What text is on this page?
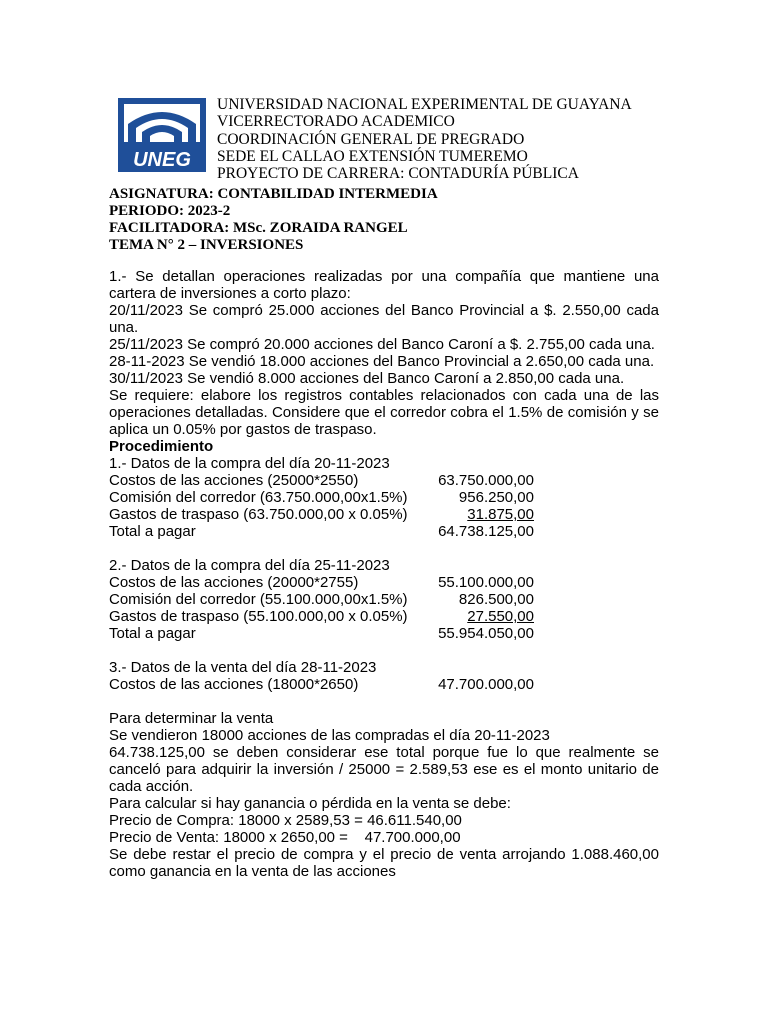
UNEG
UNIVERSIDAD NACIONAL EXPERIMENTAL DE GUAYANA
VICERRECTORADO ACADEMICO
COORDINACIÓN GENERAL DE PREGRADO
SEDE EL CALLAO EXTENSIÓN TUMEREMO
PROYECTO DE CARRERA: CONTADURÍA PÚBLICA
ASIGNATURA: CONTABILIDAD INTERMEDIA
PERIODO: 2023-2
FACILITADORA: MSc. ZORAIDA RANGEL
TEMA N° 2 – INVERSIONES
1.- Se detallan operaciones realizadas por una compañía que mantiene una cartera de inversiones a corto plazo:
20/11/2023 Se compró 25.000 acciones del Banco Provincial a $. 2.550,00 cada una.
25/11/2023 Se compró 20.000 acciones del Banco Caroní a $. 2.755,00 cada una.
28-11-2023 Se vendió 18.000 acciones del Banco Provincial a 2.650,00 cada una.
30/11/2023 Se vendió 8.000 acciones del Banco Caroní a 2.850,00 cada una.
Se requiere: elabore los registros contables relacionados con cada una de las operaciones detalladas. Considere que el corredor cobra el 1.5% de comisión y se aplica un 0.05% por gastos de traspaso.
Procedimiento
1.- Datos de la compra del día 20-11-2023
Costos de las acciones (25000*2550)	63.750.000,00
Comisión del corredor (63.750.000,00x1.5%)	956.250,00
Gastos de traspaso (63.750.000,00 x 0.05%)	31.875,00
Total a pagar	64.738.125,00
2.- Datos de la compra del día 25-11-2023
Costos de las acciones (20000*2755)	55.100.000,00
Comisión del corredor (55.100.000,00x1.5%)	826.500,00
Gastos de traspaso (55.100.000,00 x 0.05%)	27.550,00
Total a pagar	55.954.050,00
3.- Datos de la venta del día 28-11-2023
Costos de las acciones (18000*2650)	47.700.000,00
Para determinar la venta
Se vendieron 18000 acciones de las compradas el día 20-11-2023
64.738.125,00 se deben considerar ese total porque fue lo que realmente se canceló para adquirir la inversión / 25000 = 2.589,53 ese es el monto unitario de cada acción.
Para calcular si hay ganancia o pérdida en la venta se debe:
Precio de Compra: 18000 x 2589,53 = 46.611.540,00
Precio de Venta: 18000 x 2650,00 =    47.700.000,00
Se debe restar el precio de compra y el precio de venta arrojando 1.088.460,00 como ganancia en la venta de las acciones
